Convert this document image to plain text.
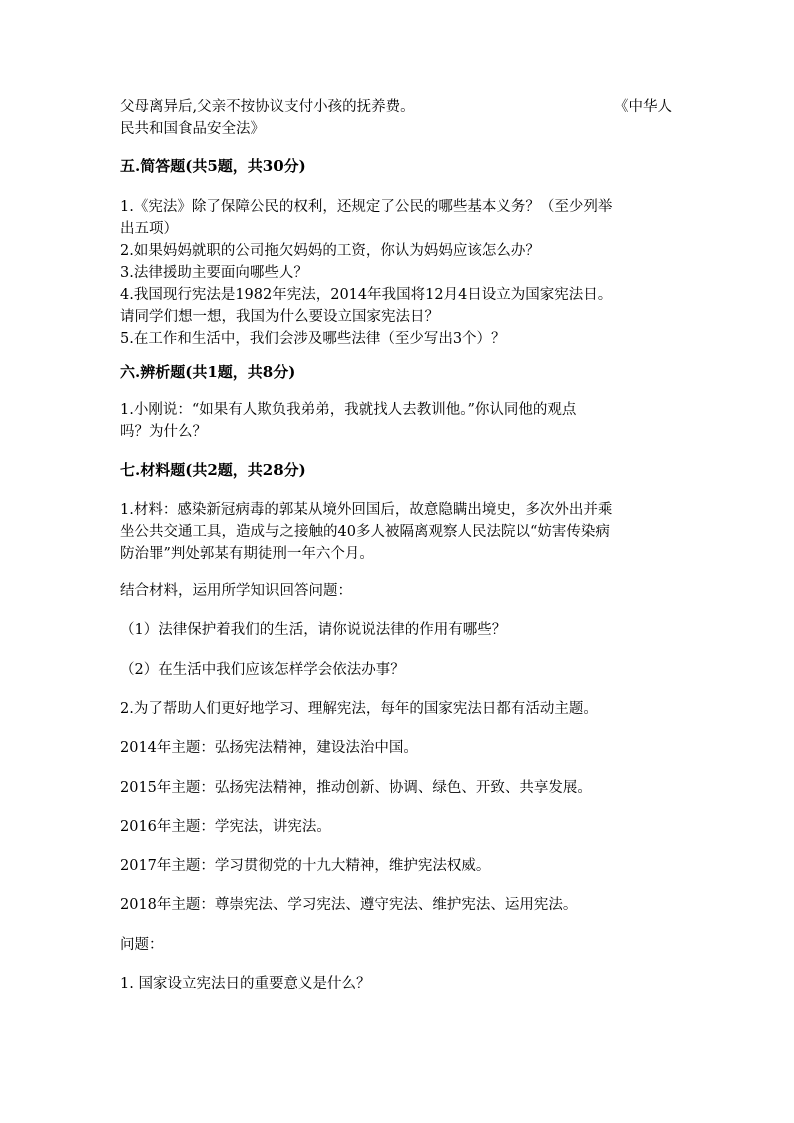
父母离异后,父亲不按协议支付小孩的抚养费。	《中华人

民共和国食品安全法》

五.简答题(共5题，共30分)

1.《宪法》除了保障公民的权利，还规定了公民的哪些基本义务？（至少列举

出五项）

2.如果妈妈就职的公司拖欠妈妈的工资，你认为妈妈应该怎么办？

3.法律援助主要面向哪些人？

4.我国现行宪法是1982年宪法，2014年我国将12月4日设立为国家宪法日。

请同学们想一想，我国为什么要设立国家宪法日？

5.在工作和生活中，我们会涉及哪些法律（至少写出3个）？

六.辨析题(共1题，共8分)

1.小刚说：“如果有人欺负我弟弟，我就找人去教训他。”你认同他的观点

吗？为什么？

七.材料题(共2题，共28分)

1.材料：感染新冠病毒的郭某从境外回国后，故意隐瞒出境史，多次外出并乘

坐公共交通工具，造成与之接触的40多人被隔离观察人民法院以“妨害传染病

防治罪”判处郭某有期徒刑一年六个月。

结合材料，运用所学知识回答问题：
（1）法律保护着我们的生活，请你说说法律的作用有哪些？
（2）在生活中我们应该怎样学会依法办事？
2.为了帮助人们更好地学习、理解宪法，每年的国家宪法日都有活动主题。
2014年主题：弘扬宪法精神，建设法治中国。
2015年主题：弘扬宪法精神，推动创新、协调、绿色、开致、共享发展。
2016年主题：学宪法，讲宪法。
2017年主题：学习贯彻党的十九大精神，维护宪法权威。
2018年主题：尊崇宪法、学习宪法、遵守宪法、维护宪法、运用宪法。
问题：
1. 国家设立宪法日的重要意义是什么？
